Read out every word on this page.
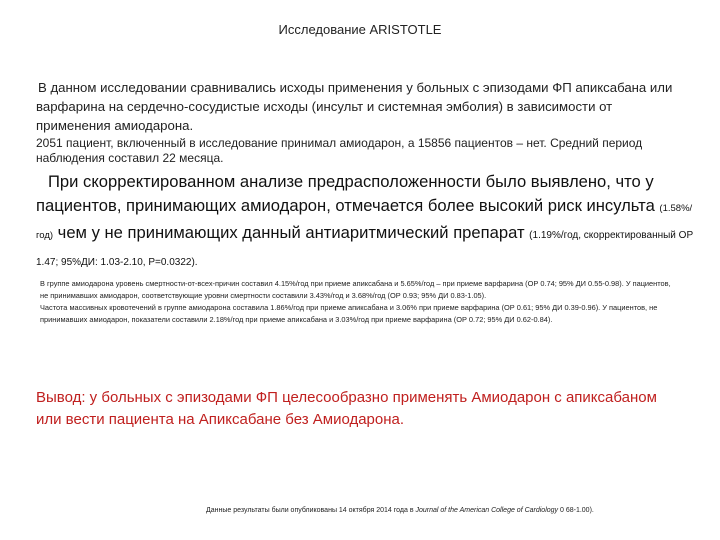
Исследование ARISTOTLE
В данном исследовании сравнивались исходы применения у больных с эпизодами ФП апиксабана или варфарина на сердечно-сосудистые исходы (инсульт и системная эмболия) в зависимости от применения амиодарона.
2051 пациент, включенный в исследование принимал амиодарон, а 15856 пациентов – нет. Средний период наблюдения составил 22 месяца.
При скорректированном анализе предрасположенности было выявлено, что у пациентов, принимающих амиодарон, отмечается более высокий риск инсульта (1.58%/год) чем у не принимающих данный антиаритмический препарат (1.19%/год, скорректированный ОР 1.47; 95%ДИ: 1.03-2.10, P=0.0322).

В группе амиодарона уровень смертности-от-всех-причин составил 4.15%/год при приеме апиксабана и 5.65%/год – при приеме варфарина (ОР 0.74; 95% ДИ 0.55-0.98). У пациентов, не принимавших амиодарон, соответствующие уровни смертности составили 3.43%/год и 3.68%/год (ОР 0.93; 95% ДИ 0.83-1.05).

Частота массивных кровотечений в группе амиодарона составила 1.86%/год при приеме апиксабана и 3.06% при приеме варфарина (ОР 0.61; 95% ДИ 0.39-0.96). У пациентов, не принимавших амиодарон, показатели составили 2.18%/год при приеме апиксабана и 3.03%/год при приеме варфарина (ОР 0.72; 95% ДИ 0.62-0.84).

Вывод: у больных с эпизодами ФП целесообразно применять Амиодарон с апиксабаном или вести пациента на Апиксабане без Амиодарона.
Данные результаты были опубликованы 14 октября 2014 года в Journal of the American College of Cardiology 0 68-1.00).
